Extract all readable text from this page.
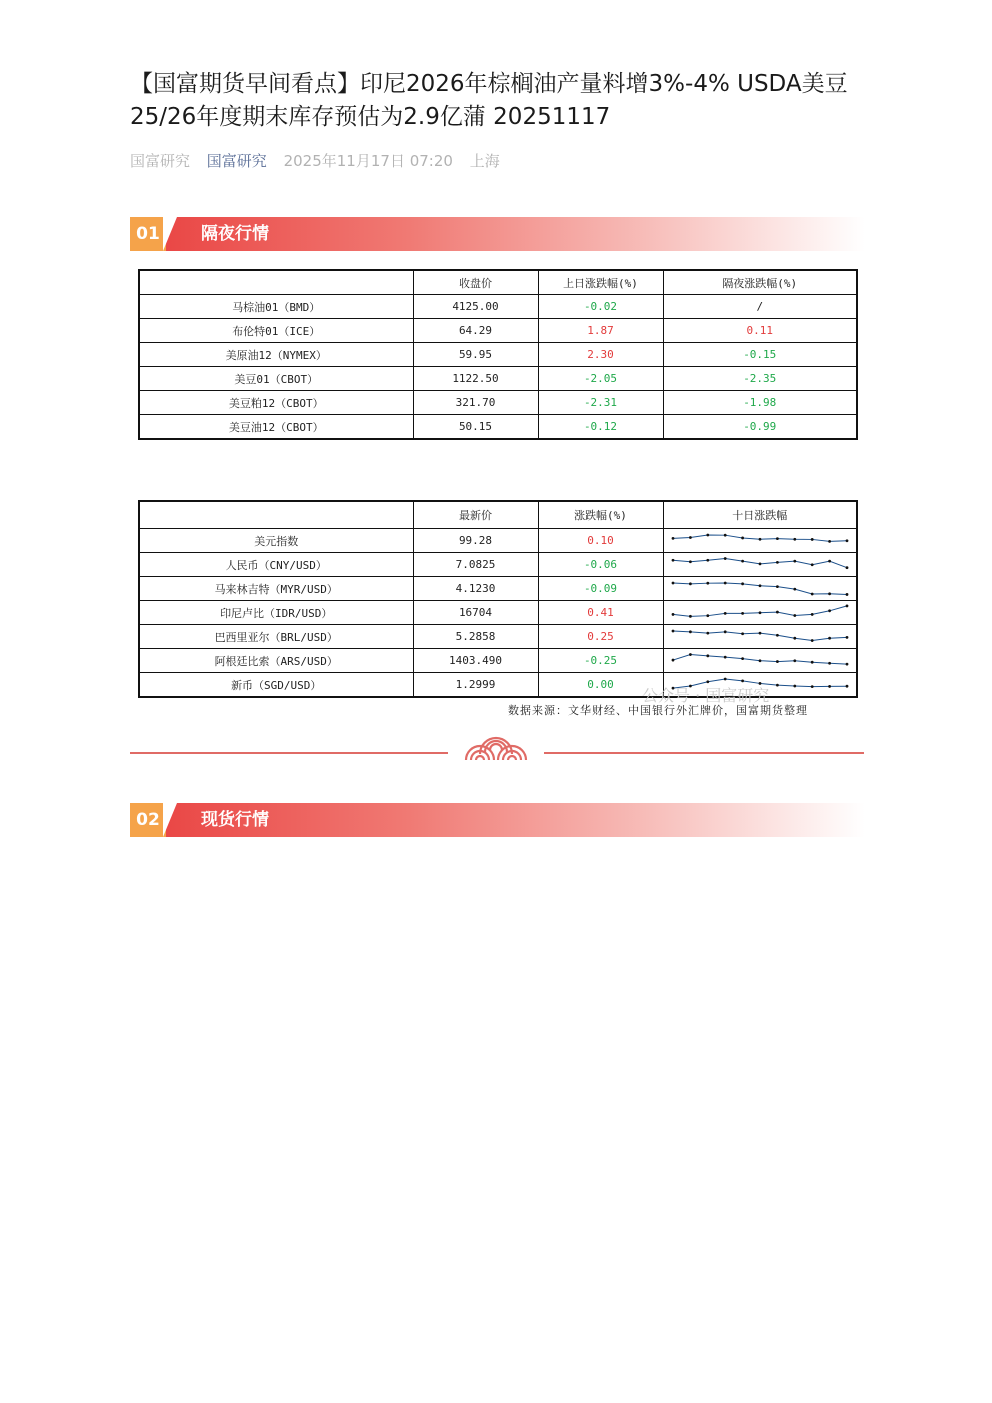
【国富期货早间看点】印尼2026年棕榈油产量料增3%-4% USDA美豆25/26年度期末库存预估为2.9亿蒲 20251117
国富研究 国富研究 2025年11月17日 07:20 上海
01	隔夜行情
	收盘价	上日涨跌幅(%)	隔夜涨跌幅(%)
马棕油01（BMD）	4125.00	-0.02	/
布伦特01（ICE）	64.29	1.87	0.11
美原油12（NYMEX）	59.95	2.30	-0.15
美豆01（CBOT）	1122.50	-2.05	-2.35
美豆粕12（CBOT）	321.70	-2.31	-1.98
美豆油12（CBOT）	50.15	-0.12	-0.99
	最新价	涨跌幅(%)	十日涨跌幅
美元指数	99.28	0.10	

人民币（CNY/USD）	7.0825	-0.06	

马来林吉特（MYR/USD）	4.1230	-0.09	

印尼卢比（IDR/USD）	16704	0.41	

巴西里亚尔（BRL/USD）	5.2858	0.25	

阿根廷比索（ARS/USD）	1403.490	-0.25	

新币（SGD/USD）	1.2999	0.00	
公众号 · 国富研究
数据来源：文华财经、中国银行外汇牌价，国富期货整理
02	现货行情
